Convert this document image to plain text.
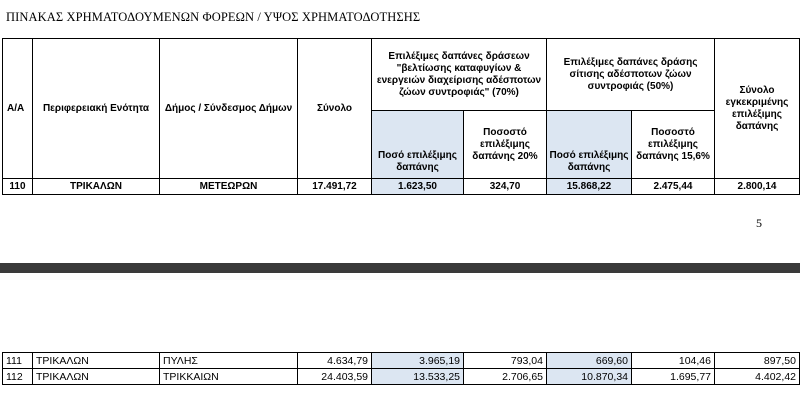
ΠΙΝΑΚΑΣ ΧΡΗΜΑΤΟΔΟΥΜΕΝΩΝ ΦΟΡΕΩΝ / ΥΨΟΣ ΧΡΗΜΑΤΟΔΟΤΗΣΗΣ
Α/Α	Περιφερειακή Ενότητα	Δήμος / Σύνδεσμος Δήμων	Σύνολο	Επιλέξιμες δαπάνες δράσεων "βελτίωσης καταφυγίων & ενεργειών διαχείρισης αδέσποτων ζώων συντροφιάς" (70%)		Επιλέξιμες δαπάνες δράσης σίτισης αδέσποτων ζώων συντροφιάς (50%)		Σύνολο εγκεκριμένης επιλέξιμης δαπάνης
				Ποσό επιλέξιμης δαπάνης	Ποσοστό επιλέξιμης δαπάνης 20%	Ποσό επιλέξιμης δαπάνης	Ποσοστό επιλέξιμης δαπάνης 15,6%	
110	ΤΡΙΚΑΛΩΝ	ΜΕΤΕΩΡΩΝ	17.491,72	1.623,50	324,70	15.868,22	2.475,44	2.800,14
5
111	ΤΡΙΚΑΛΩΝ	ΠΥΛΗΣ	4.634,79	3.965,19	793,04	669,60	104,46	897,50
112	ΤΡΙΚΑΛΩΝ	ΤΡΙΚΚΑΙΩΝ	24.403,59	13.533,25	2.706,65	10.870,34	1.695,77	4.402,42
